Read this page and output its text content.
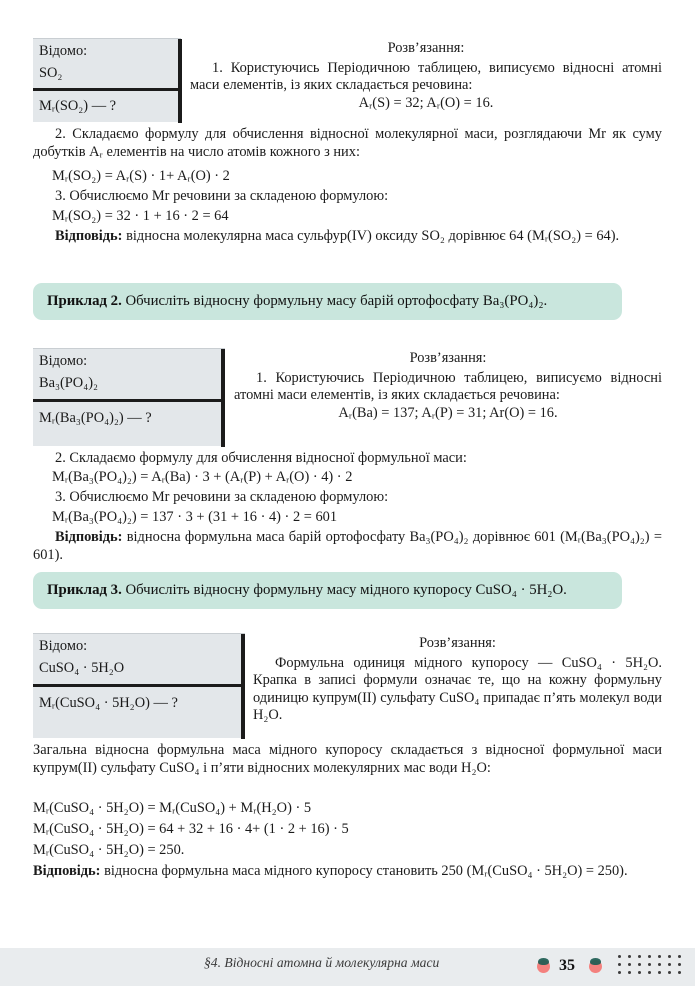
Вiдомо:
SO₂
Mᵣ(SO₂) — ?
Розв’язання:
1. Користуючись Перiодичною таблицею, виписуємо вiдноснi атомнi маси елементiв, iз яких складається речовина:
Aᵣ(S) = 32; Aᵣ(O) = 16.
2. Складаємо формулу для обчислення вiдносної молекулярної маси, розглядаючи Mr як суму добуткiв Aᵣ елементiв на число атомiв кожного з них:
Mᵣ(SO₂) = Aᵣ(S) · 1+ Aᵣ(O) · 2
3. Обчислюємо Mr речовини за складеною формулою:
Mᵣ(SO₂) = 32 · 1 + 16 · 2 = 64
Вiдповiдь: вiдносна молекулярна маса сульфур(IV) оксиду SO₂ дорiвнює 64 (Mᵣ(SO₂) = 64).
Приклад 2. Обчислiть вiдносну формульну масу барiй ортофосфату Ba₃(PO₄)₂.
Вiдомо:
Ba₃(PO₄)₂
Mᵣ(Ba₃(PO₄)₂) — ?
Розв’язання:
1. Користуючись Перiодичною таблицею, виписуємо вiдноснi атомнi маси елементiв, iз яких складається речовина:
Aᵣ(Ba) = 137; Aᵣ(P) = 31; Ar(O) = 16.
2. Складаємо формулу для обчислення вiдносної формульної маси:
Mᵣ(Ba₃(PO₄)₂) = Aᵣ(Ba) · 3 + (Aᵣ(P) + Aᵣ(O) · 4) · 2
3. Обчислюємо Mr речовини за складеною формулою:
Mᵣ(Ba₃(PO₄)₂) = 137 · 3 + (31 + 16 · 4) · 2 = 601
Вiдповiдь: вiдносна формульна маса барiй ортофосфату Ba₃(PO₄)₂ дорiвнює 601 (Mᵣ(Ba₃(PO₄)₂) = 601).
Приклад 3. Обчислiть вiдносну формульну масу мiдного купоросу CuSO₄ · 5H₂O.
Вiдомо:
CuSO₄ · 5H₂O
Mᵣ(CuSO₄ · 5H₂O) — ?
Розв’язання:
Формульна одиниця мiдного купоросу — CuSO₄ · 5H₂O. Крапка в записi формули означає те, що на кожну формульну одиницю купрум(II) сульфату CuSO₄ припадає п’ять молекул води H₂O.
Загальна вiдносна формульна маса мiдного купоросу складається з вiдносної формульної маси купрум(II) сульфату CuSO₄ i п’яти вiдносних молекулярних мас води H₂O:
Mᵣ(CuSO₄ · 5H₂O) = Mᵣ(CuSO₄) + Mᵣ(H₂O) · 5
Mᵣ(CuSO₄ · 5H₂O) = 64 + 32 + 16 · 4+ (1 · 2 + 16) · 5
Mᵣ(CuSO₄ · 5H₂O) = 250.
Вiдповiдь: вiдносна формульна маса мiдного купоросу становить 250 (Mᵣ(CuSO₄ · 5H₂O) = 250).
§4. Вiдноснi атомна й молекулярна маси	35
